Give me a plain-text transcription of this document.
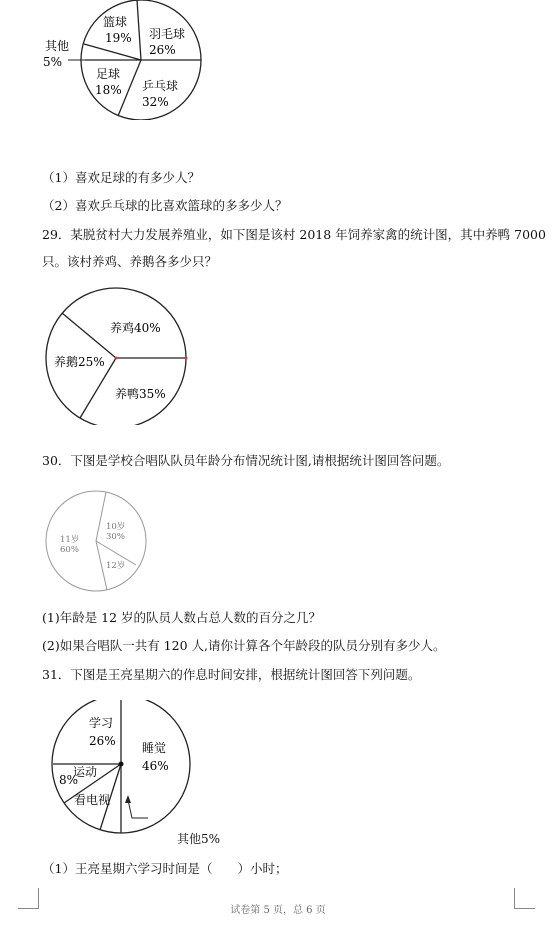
篮球
19% 羽毛球
26%
乒乓球
32%
足球
18%
其他
5%
（1）喜欢足球的有多少人？
（2）喜欢乒乓球的比喜欢篮球的多多少人？
29．某脱贫村大力发展养殖业，如下图是该村 2018 年饲养家禽的统计图，其中养鸭 7000
只。该村养鸡、养鹅各多少只？
养鸡40%
养鹅25%
养鸭35%
30．下图是学校合唱队队员年龄分布情况统计图,请根据统计图回答问题。
11岁
60%
10岁
30%
12岁
(1)年龄是 12 岁的队员人数占总人数的百分之几？
(2)如果合唱队一共有 120 人,请你计算各个年龄段的队员分别有多少人。
31．下图是王亮星期六的作息时间安排，根据统计图回答下列问题。
学习
26% 睡觉
46%
运动
8%
看电视
其他5%
（1）王亮星期六学习时间是（　　）小时；
试卷第 5 页，总 6 页
